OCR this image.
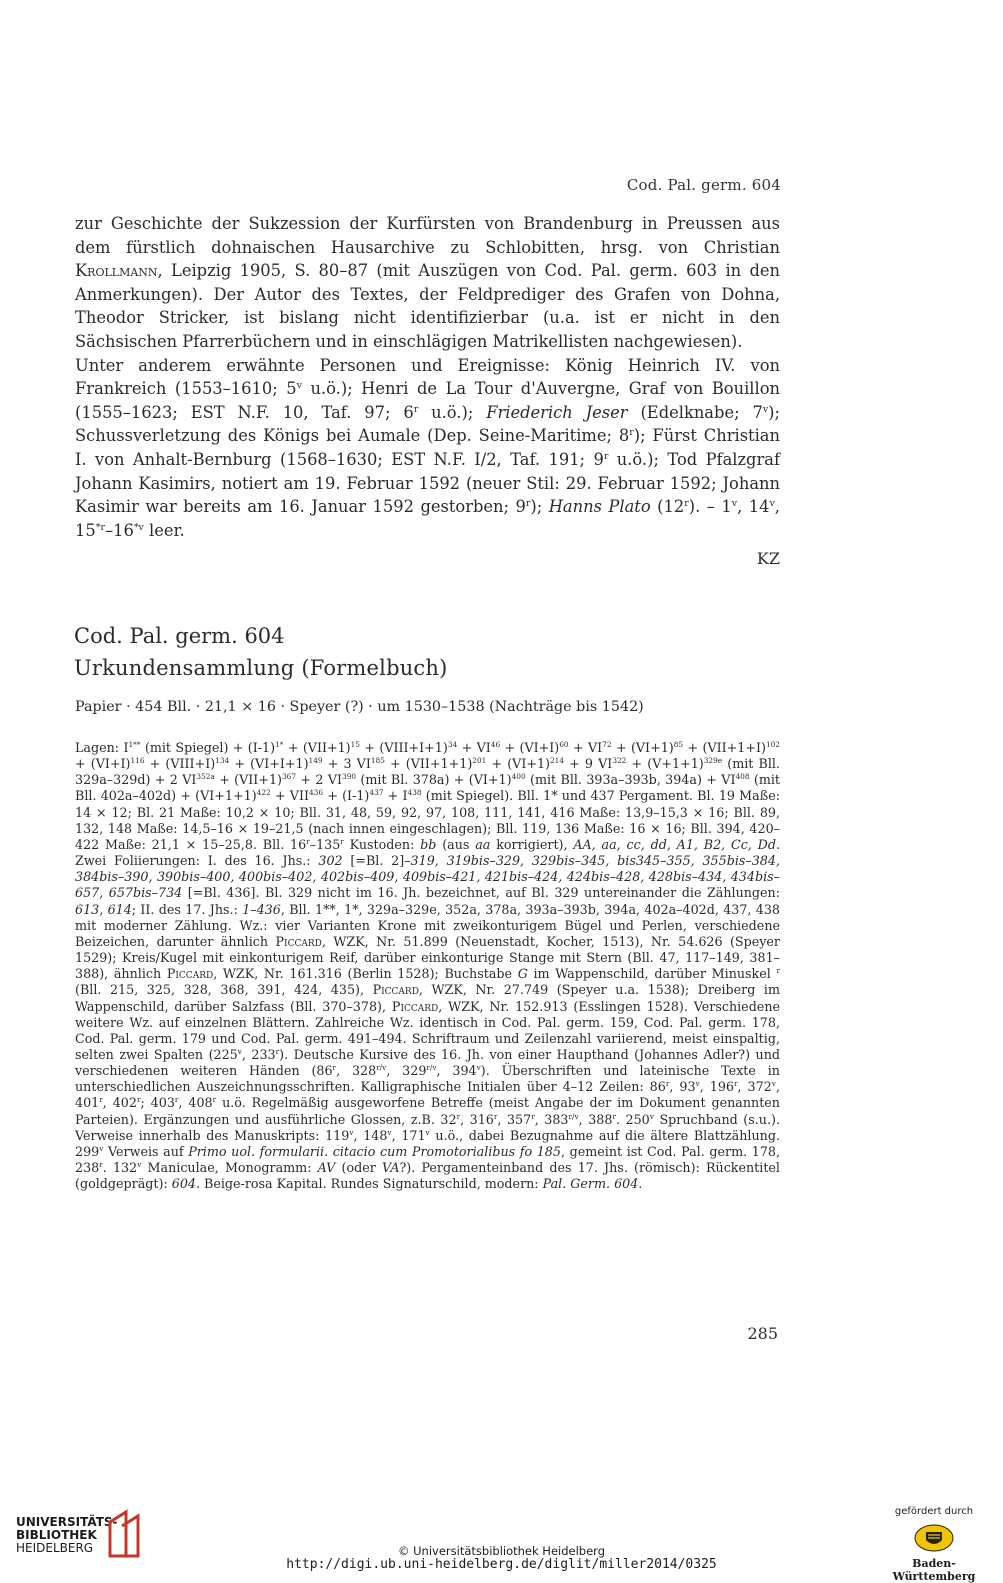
Cod. Pal. germ. 604

zur Geschichte der Sukzession der Kurfürsten von Brandenburg in Preussen aus dem fürstlich dohnaischen Hausarchive zu Schlobitten, hrsg. von Christian Krollmann, Leipzig 1905, S. 80–87 (mit Auszügen von Cod. Pal. germ. 603 in den Anmerkungen). Der Autor des Textes, der Feldprediger des Grafen von Dohna, Theodor Stricker, ist bislang nicht identifizierbar (u.a. ist er nicht in den Sächsischen Pfarrerbüchern und in einschlägigen Matrikellisten nachgewiesen).

Unter anderem erwähnte Personen und Ereignisse: König Heinrich IV. von Frankreich (1553–1610; 5$^v$ u.ö.); Henri de La Tour d'Auvergne, Graf von Bouillon (1555–1623; EST N.F. 10, Taf. 97; 6$^r$ u.ö.); Friederich Jeser (Edelknabe; 7$^v$); Schussverletzung des Königs bei Aumale (Dep. Seine-Maritime; 8$^r$); Fürst Christian I. von Anhalt-Bernburg (1568–1630; EST N.F. I/2, Taf. 191; 9$^r$ u.ö.); Tod Pfalzgraf Johann Kasimirs, notiert am 19. Februar 1592 (neuer Stil: 29. Februar 1592; Johann Kasimir war bereits am 16. Januar 1592 gestorben; 9$^r$); Hanns Plato (12$^r$). – 1$^v$, 14$^v$, 15$^{*r}$–16$^{*v}$ leer.

KZ
Cod. Pal. germ. 604
Urkundensammlung (Formelbuch)
Papier · 454 Bll. · 21,1 × 16 · Speyer (?) · um 1530–1538 (Nachträge bis 1542)

Lagen: $I^{1**}$ (mit Spiegel) + $(I-1)^{1*} + (VII+1)^{15}$ + (VIII+I+1)$^{34}$ + $VI^{46} + (VI+I)^{60} + VI^{72} + (VI+1)^{85} + (VII+1+I)^{102} + (VI+I)^{116}$ + (VIII+I)$^{134}$ + $(VI+I+1)^{149} + 3$ $VI^{185} + (VII+1+1)^{201} + (VI+1)^{214} + 9$ $VI^{322} + (V+1+1)^{329e}$ (mit Bll. 329a–329d) + 2 $VI^{352a} + (VII+1)^{367} + 2$ VI$^{390}$ (mit Bl. $378a) + (VI+1)^{400}$ (mit Bll. 393a–393b, $394a) + VI^{408}$ (mit Bll. $402a-402d) + (VI+1+1)^{422} + VII^{436} + (I-1)^{437} + I^{438}$ (mit Spiegel). Bll. 1* und 437 Pergament. Bl. 19 Maße: 14 × 12; Bl. 21 Maße: 10,2 × 10; Bll. 31, 48, 59, 92, 97, 108, 111, 141, 416 Maße: 13,9–15,3 × 16; Bll. 89, 132, 148 Maße: 14,5–16 × 19–21,5 (nach innen eingeschlagen); Bll. 119, 136 Maße: 16 × 16; Bll. 394, 420–422 Maße: 21,1 × 15–25,8. Bll. 16$^r$–135$^r$ Kustoden: bb (aus aa korrigiert), AA, aa, cc, dd, A1, B2, Cc, Dd. Zwei Foliierungen: I. des 16. Jhs.: 302 [=Bl. 2]–319, 319bis–329, 329bis–345, bis345–355, 355bis–384, 384bis–390, 390bis–400, 400bis–402, 402bis–409, 409bis–421, 421bis–424, 424bis–428, 428bis–434, 434bis–657, 657bis–734 [=Bl. 436]. Bl. 329 nicht im 16. Jh. bezeichnet, auf Bl. 329 untereinander die Zählungen: 613, 614; II. des 17. Jhs.: 1–436, Bll. 1**, 1*, 329a–329e, 352a, 378a, 393a–393b, 394a, 402a–402d, 437, 438 mit moderner Zählung. Wz.: vier Varianten Krone mit zweikonturigem Bügel und Perlen, verschiedene Beizeichen, darunter ähnlich Piccard, WZK, Nr. 51.899 (Neuenstadt, Kocher, 1513), Nr. 54.626 (Speyer 1529); Kreis/Kugel mit einkonturigem Reif, darüber einkonturige Stange mit Stern (Bll. 47, 117–149, 381–388), ähnlich Piccard, WZK, Nr. 161.316 (Berlin 1528); Buchstabe G im Wappenschild, darüber Minuskel $^r$ (Bll. 215, 325, 328, 368, 391, 424, 435), Piccard, WZK, Nr. 27.749 (Speyer u.a. 1538); Dreiberg im Wappenschild, darüber Salzfass (Bll. 370–378), Piccard, WZK, Nr. 152.913 (Esslingen 1528). Verschiedene weitere Wz. auf einzelnen Blättern. Zahlreiche Wz. identisch in Cod. Pal. germ. 159, Cod. Pal. germ. 178, Cod. Pal. germ. 179 und Cod. Pal. germ. 491–494. Schriftraum und Zeilenzahl variierend, meist einspaltig, selten zwei Spalten (225$^v$, 233$^r$). Deutsche Kursive des 16. Jh. von einer Haupthand (Johannes Adler?) und verschiedenen weiteren Händen (86$^r$, $328^{r/v}$, $329^{r/v}$, 394$^v$). Überschriften und lateinische Texte in unterschiedlichen Auszeichnungsschriften. Kalligraphische Initialen über 4–12 Zeilen: 86$^r$, 93$^v$, 196$^r$, 372$^v$, 401$^r$, 402$^r$; 403$^r$, 408$^r$ u.ö. Regelmäßig ausgeworfene Betreffe (meist Angabe der im Dokument genannten Parteien). Ergänzungen und ausführliche Glossen, z.B. 32$^r$, 316$^r$, 357$^r$, $383^{r/v}$, 388$^r$. 250$^v$ Spruchband (s.u.). Verweise innerhalb des Manuskripts: 119$^v$, 148$^v$, 171$^v$ u.ö., dabei Bezugnahme auf die ältere Blattzählung. 299$^v$ Verweis auf Primo uol. formularii. citacio cum Promotorialibus fo 185, gemeint ist Cod. Pal. germ. 178, 238$^r$. 132$^v$ Maniculae, Monogramm: AV (oder VA?). Pergamenteinband des 17. Jhs. (römisch): Rückentitel (goldgeprägt): 604. Beige-rosa Kapital. Rundes Signaturschild, modern: Pal. Germ. 604.

285
UNIVERSITÄTS-
BIBLIOTHEK
HEIDELBERG	© Universitätsbibliothek Heidelberg
http://digi.ub.uni-heidelberg.de/diglit/miller2014/0325
gefördert durch
Baden-Württemberg
